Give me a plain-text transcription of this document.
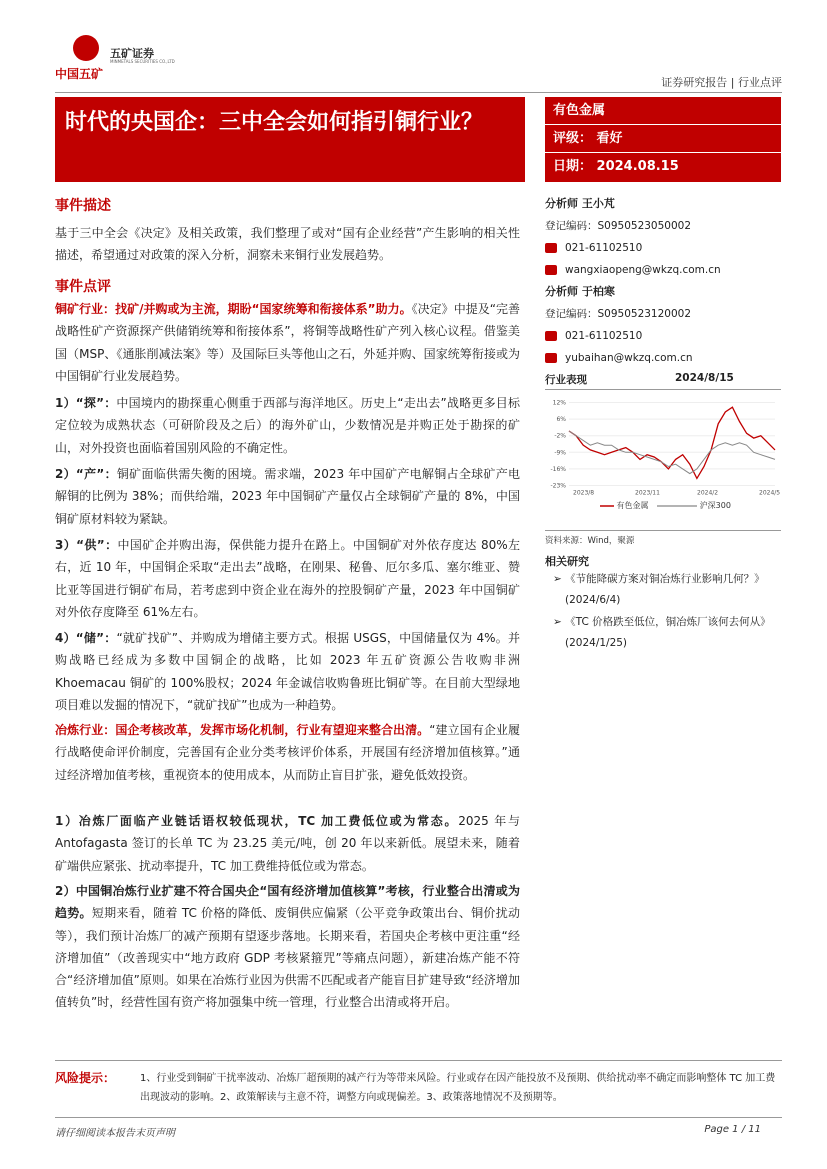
中国五矿
五矿证券
MINMETALS SECURITIES CO.,LTD
证券研究报告 | 行业点评
时代的央国企：三中全会如何指引铜行业？	有色金属
评级： 看好
日期： 2024.08.15
事件描述
基于三中全会《决定》及相关政策，我们整理了或对“国有企业经营”产生影响的相关性描述，希望通过对政策的深入分析，洞察未来铜行业发展趋势。
事件点评
铜矿行业：找矿/并购或为主流，期盼“国家统筹和衔接体系”助力。《决定》中提及“完善战略性矿产资源探产供储销统筹和衔接体系”，将铜等战略性矿产列入核心议程。借鉴美国（MSP、《通胀削减法案》等）及国际巨头等他山之石，外延并购、国家统筹衔接或为中国铜矿行业发展趋势。
1）“探”：中国境内的勘探重心侧重于西部与海洋地区。历史上“走出去”战略更多目标定位较为成熟状态（可研阶段及之后）的海外矿山，少数情况是并购正处于勘探的矿山，对外投资也面临着国别风险的不确定性。
2）“产”：铜矿面临供需失衡的困境。需求端，2023 年中国矿产电解铜占全球矿产电解铜的比例为 38%；而供给端，2023 年中国铜矿产量仅占全球铜矿产量的 8%，中国铜矿原材料较为紧缺。
3）“供”：中国矿企并购出海，保供能力提升在路上。中国铜矿对外依存度达 80%左右，近 10 年，中国铜企采取“走出去”战略，在刚果、秘鲁、厄尔多瓜、塞尔维亚、赞比亚等国进行铜矿布局，若考虑到中资企业在海外的控股铜矿产量，2023 年中国铜矿对外依存度降至 61%左右。
4）“储”：“就矿找矿”、并购成为增储主要方式。根据 USGS，中国储量仅为 4%。并购战略已经成为多数中国铜企的战略，比如 2023 年五矿资源公告收购非洲 Khoemacau 铜矿的 100%股权；2024 年金诚信收购鲁班比铜矿等。在目前大型绿地项目难以发掘的情况下，“就矿找矿”也成为一种趋势。
冶炼行业：国企考核改革，发挥市场化机制，行业有望迎来整合出清。“建立国有企业履行战略使命评价制度，完善国有企业分类考核评价体系，开展国有经济增加值核算。”通过经济增加值考核，重视资本的使用成本，从而防止盲目扩张，避免低效投资。
1）冶炼厂面临产业链话语权较低现状，TC 加工费低位或为常态。2025 年与 Antofagasta 签订的长单 TC 为 23.25 美元/吨，创 20 年以来新低。展望未来，随着矿端供应紧张、扰动率提升，TC 加工费维持低位或为常态。
2）中国铜冶炼行业扩建不符合国央企“国有经济增加值核算”考核，行业整合出清或为趋势。短期来看，随着 TC 价格的降低、废铜供应偏紧（公平竞争政策出台、铜价扰动等），我们预计冶炼厂的减产预期有望逐步落地。长期来看，若国央企考核中更注重“经济增加值”（改善现实中“地方政府 GDP 考核紧箍咒”等痛点问题），新建冶炼产能不符合“经济增加值”原则。如果在冶炼行业因为供需不匹配或者产能盲目扩建导致“经济增加值转负”时，经营性国有资产将加强集中统一管理，行业整合出清或将开启。
分析师 王小芃
登记编码：S0950523050002
021-61102510
wangxiaopeng@wkzq.com.cn
分析师 于柏寒
登记编码：S0950523120002
021-61102510
yubaihan@wkzq.com.cn
行业表现	2024/8/15
12%
6%
-2%
-9%
-16%
-23%
2023/8	2023/11	2024/2	2024/5
有色金属	沪深300
资料来源：Wind，聚源
相关研究
➢ 《节能降碳方案对铜冶炼行业影响几何？》
(2024/6/4)
➢ 《TC 价格跌至低位，铜冶炼厂该何去何从》
(2024/1/25)
风险提示： 1、行业受到铜矿干扰率波动、冶炼厂超预期的减产行为等带来风险。行业或存在因产能投放不及预期、供给扰动率不确定而影响整体 TC 加工费出现波动的影响。2、政策解读与主意不符，调整方向或现偏差。3、政策落地情况不及预期等。
请仔细阅读本报告末页声明	Page 1 / 11
